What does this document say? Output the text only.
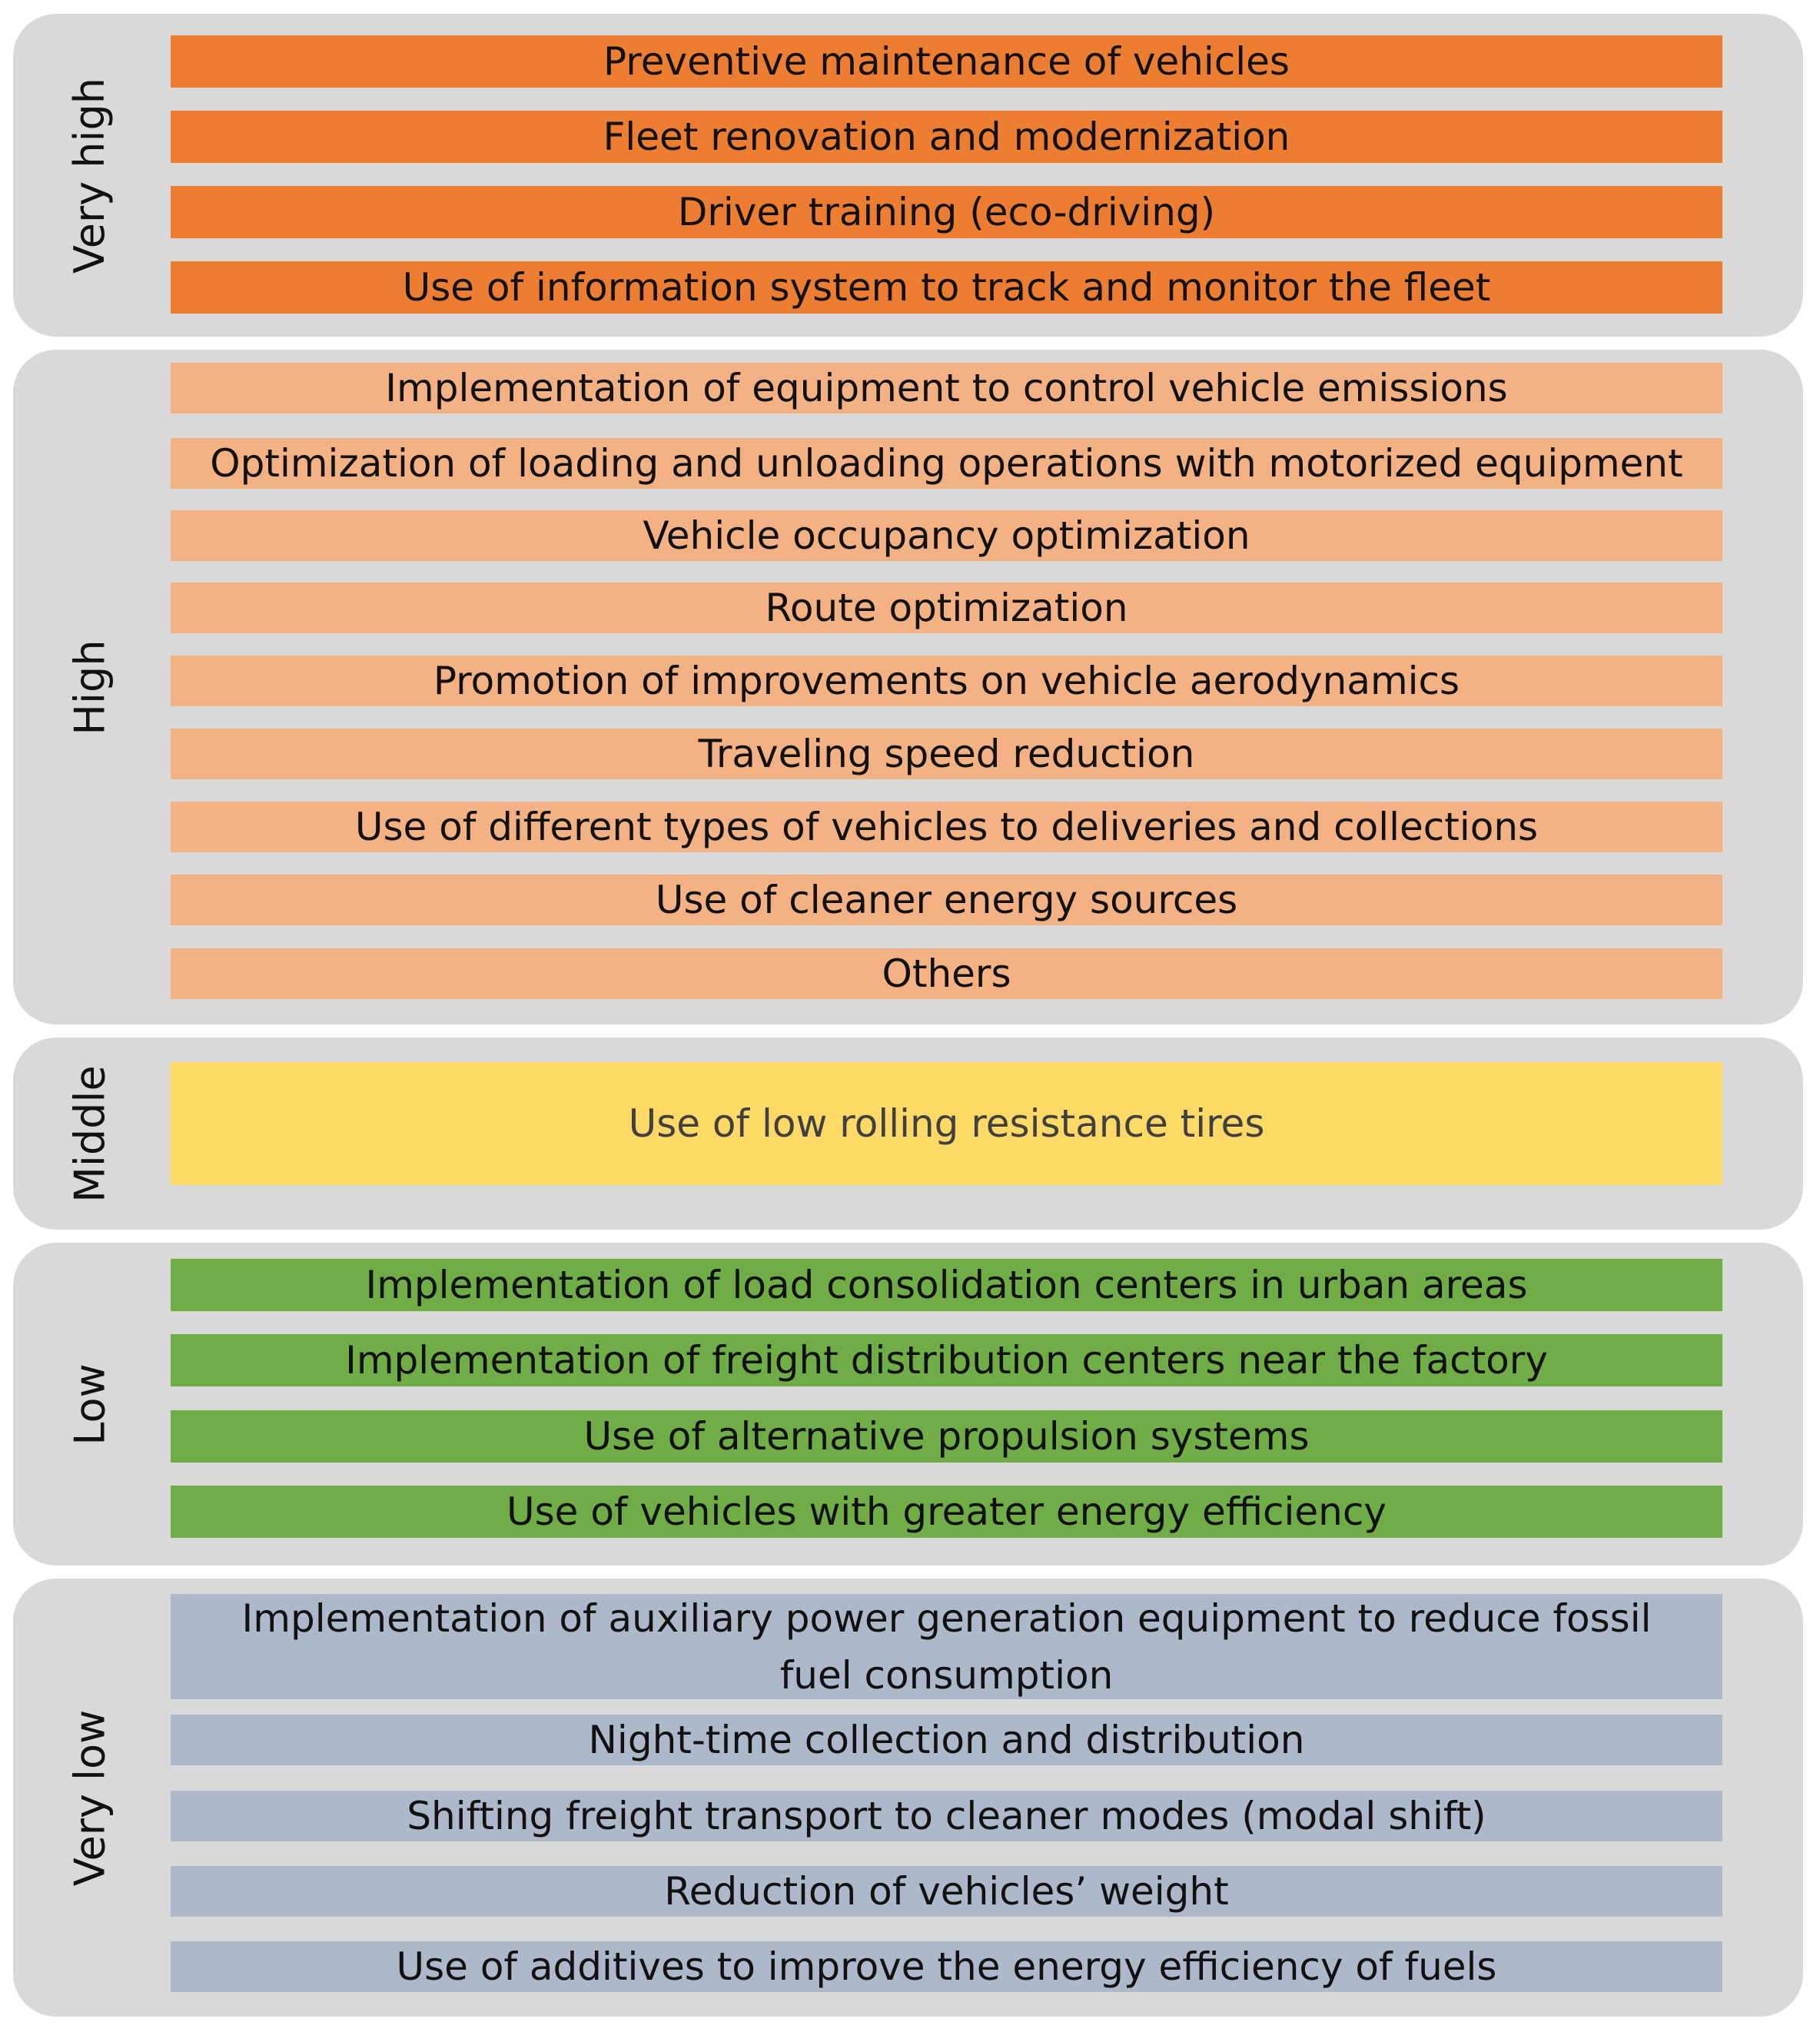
Very high
Preventive maintenance of vehicles
Fleet renovation and modernization
Driver training (eco-driving)
Use of information system to track and monitor the fleet
High
Implementation of equipment to control vehicle emissions
Optimization of loading and unloading operations with motorized equipment
Vehicle occupancy optimization
Route optimization
Promotion of improvements on vehicle aerodynamics
Traveling speed reduction
Use of different types of vehicles to deliveries and collections
Use of cleaner energy sources
Others
Middle	Use of low rolling resistance tires
Low
Implementation of load consolidation centers in urban areas
Implementation of freight distribution centers near the factory
Use of alternative propulsion systems
Use of vehicles with greater energy efficiency
Very low
Implementation of auxiliary power generation equipment to reduce fossil fuel consumption
Night-time collection and distribution
Shifting freight transport to cleaner modes (modal shift)
Reduction of vehicles’ weight
Use of additives to improve the energy efficiency of fuels
